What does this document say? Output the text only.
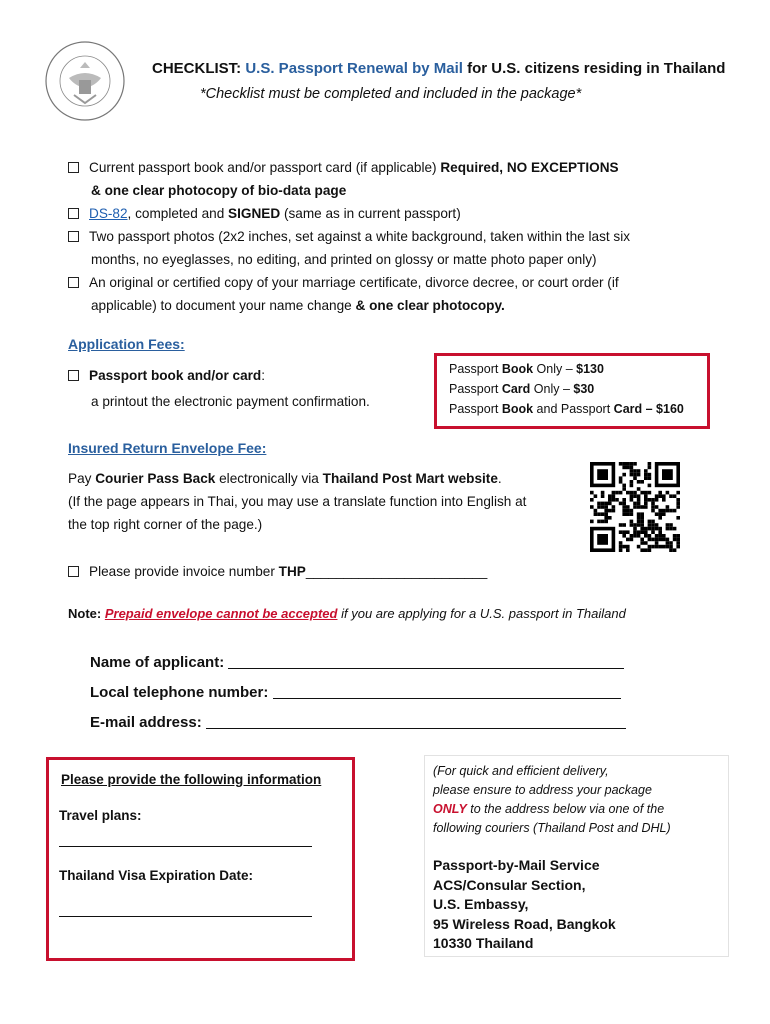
CHECKLIST: U.S. Passport Renewal by Mail for U.S. citizens residing in Thailand
*Checklist must be completed and included in the package*
Current passport book and/or passport card (if applicable) Required, NO EXCEPTIONS
& one clear photocopy of bio-data page
DS-82, completed and SIGNED (same as in current passport)
Two passport photos (2x2 inches, set against a white background, taken within the last six
months, no eyeglasses, no editing, and printed on glossy or matte photo paper only)
An original or certified copy of your marriage certificate, divorce decree, or court order (if
applicable) to document your name change & one clear photocopy.
Application Fees:
Passport book and/or card:
a printout the electronic payment confirmation.
Passport Book Only – $130
Passport Card Only – $30
Passport Book and Passport Card – $160
Insured Return Envelope Fee:
Pay Courier Pass Back electronically via Thailand Post Mart website.
(If the page appears in Thai, you may use a translate function into English at
the top right corner of the page.)
Please provide invoice number THP________________________
Note: Prepaid envelope cannot be accepted if you are applying for a U.S. passport in Thailand
Name of applicant:
Local telephone number:
E-mail address:
Please provide the following information
Travel plans:
Thailand Visa Expiration Date:
(For quick and efficient delivery,
please ensure to address your package
ONLY to the address below via one of the
following couriers (Thailand Post and DHL)
Passport-by-Mail Service
ACS/Consular Section,
U.S. Embassy,
95 Wireless Road, Bangkok
10330 Thailand
